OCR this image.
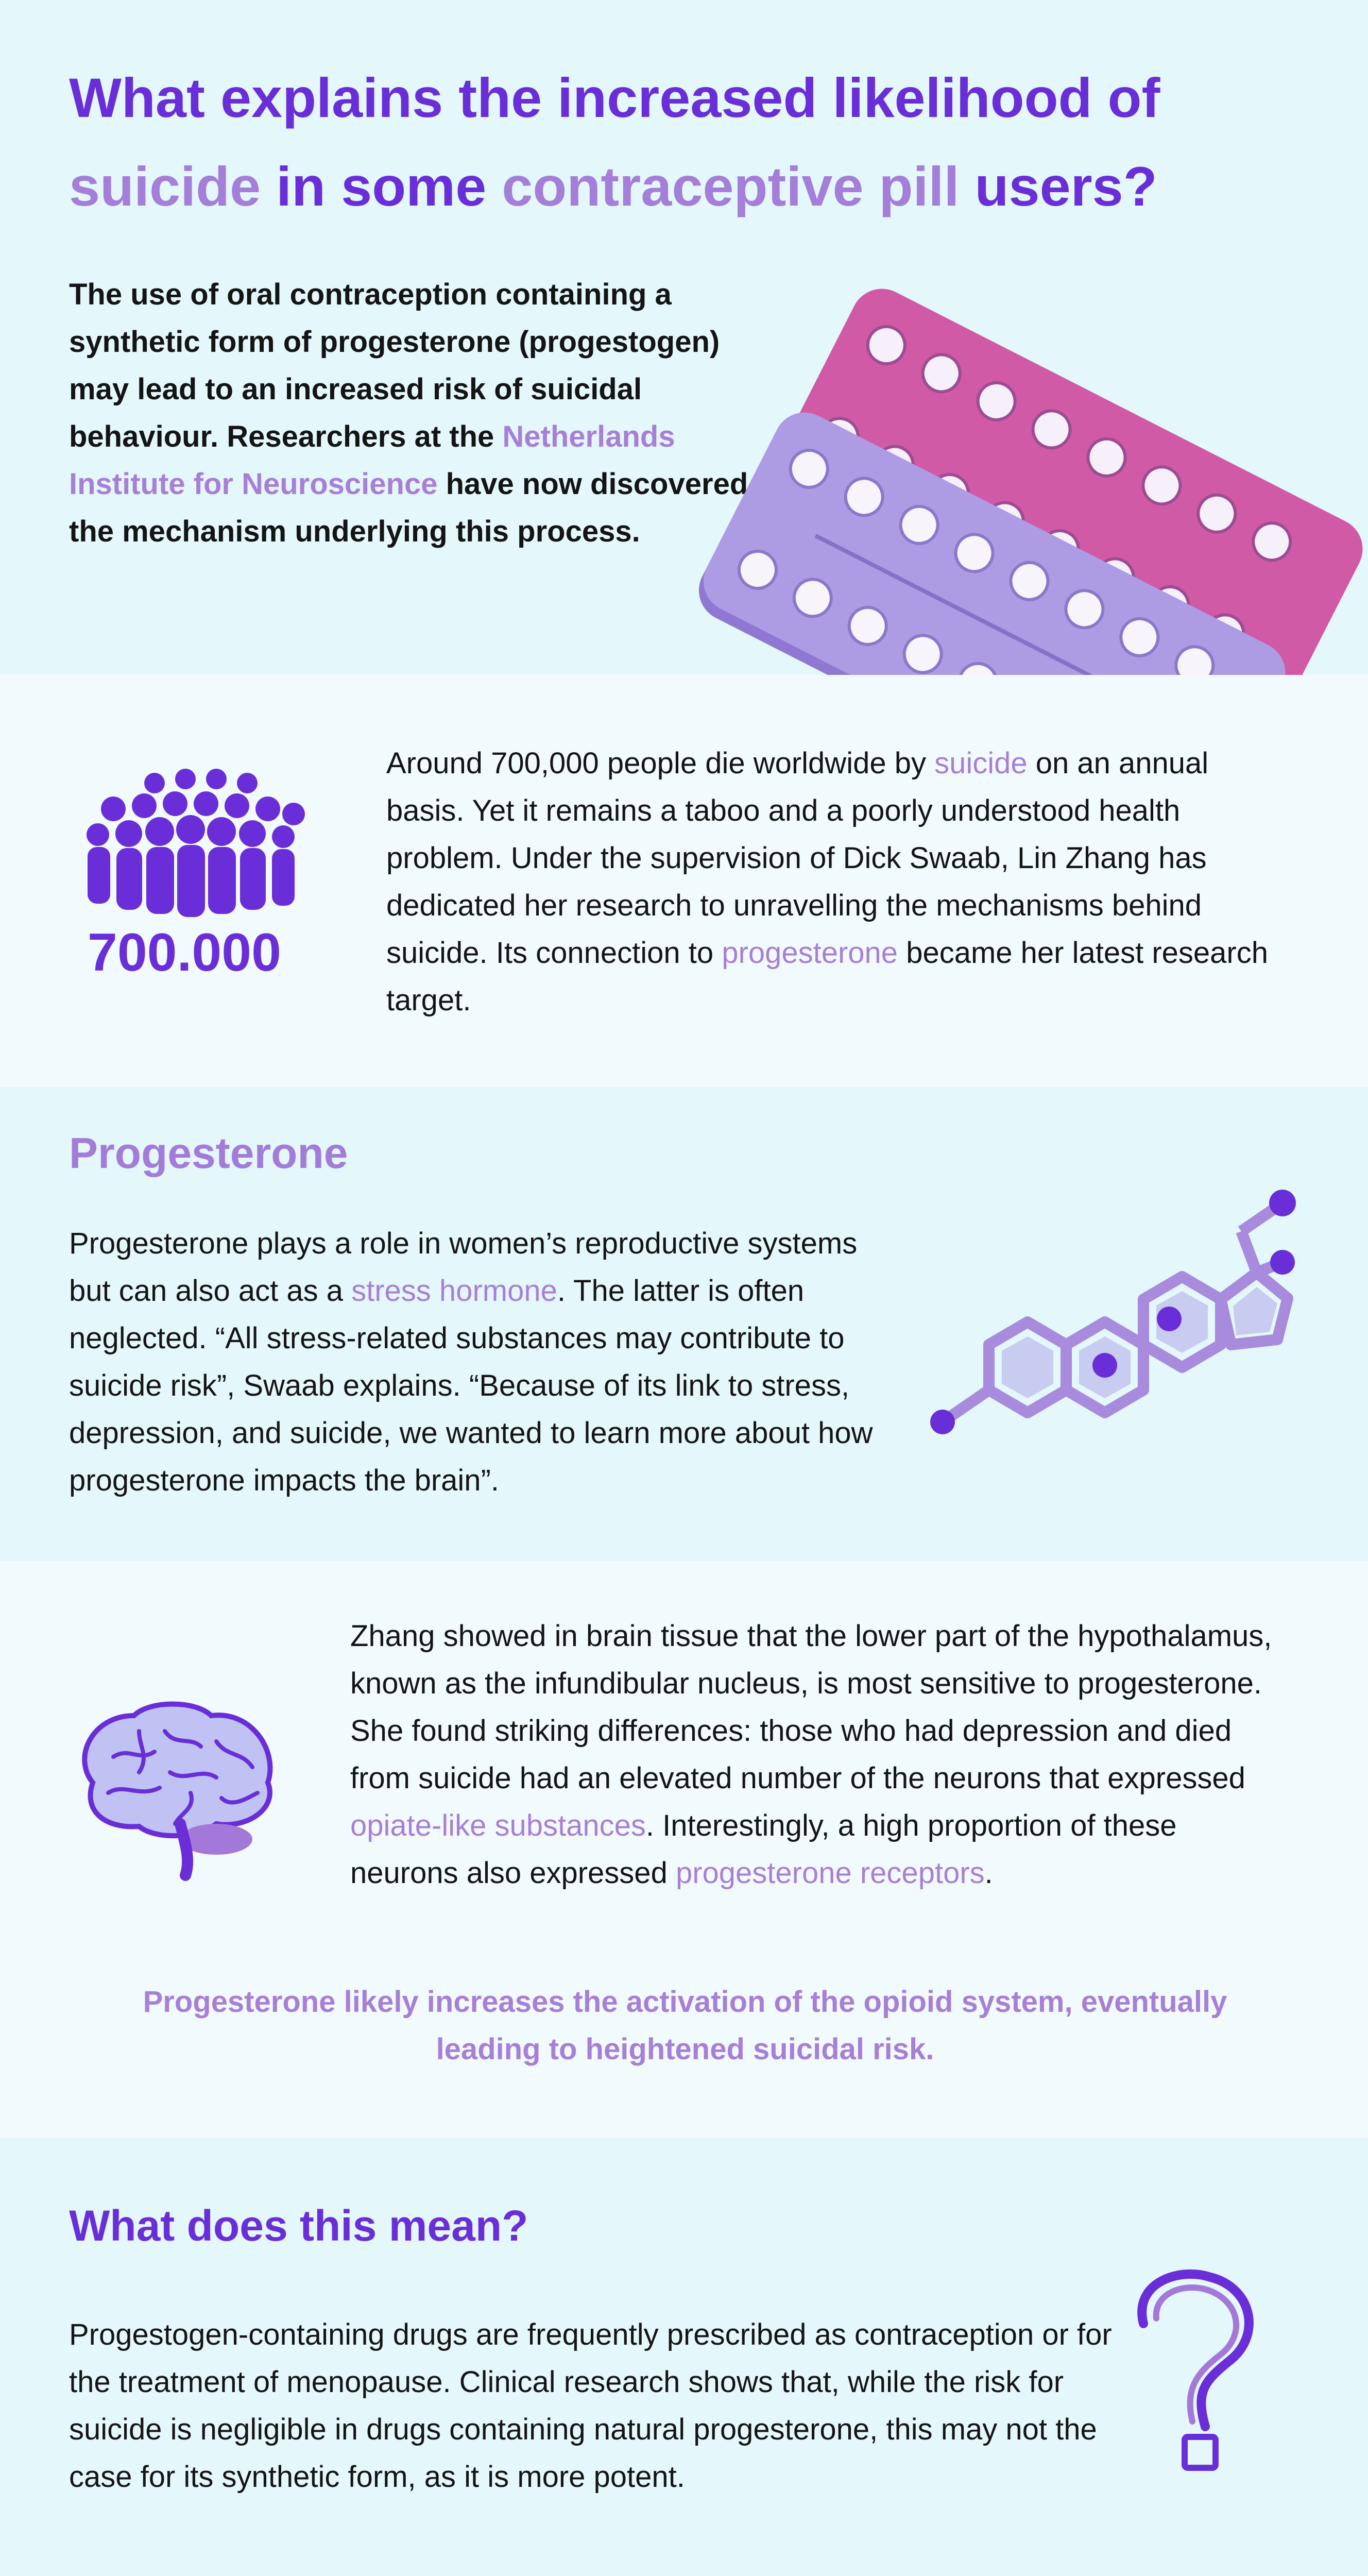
What explains the increased likelihood of
suicide in some contraceptive pill users?

The use of oral contraception containing a synthetic form of progesterone (progestogen) may lead to an increased risk of suicidal behaviour. Researchers at the Netherlands Institute for Neuroscience have now discovered the mechanism underlying this process.

700.000

Around 700,000 people die worldwide by suicide on an annual basis. Yet it remains a taboo and a poorly understood health problem. Under the supervision of Dick Swaab, Lin Zhang has dedicated her research to unravelling the mechanisms behind suicide. Its connection to progesterone became her latest research target.

Progesterone

Progesterone plays a role in women’s reproductive systems but can also act as a stress hormone. The latter is often neglected. “All stress-related substances may contribute to suicide risk”, Swaab explains. “Because of its link to stress, depression, and suicide, we wanted to learn more about how progesterone impacts the brain”.

Zhang showed in brain tissue that the lower part of the hypothalamus, known as the infundibular nucleus, is most sensitive to progesterone. She found striking differences: those who had depression and died from suicide had an elevated number of the neurons that expressed opiate-like substances. Interestingly, a high proportion of these neurons also expressed progesterone receptors.

Progesterone likely increases the activation of the opioid system, eventually leading to heightened suicidal risk.
What does this mean?

Progestogen-containing drugs are frequently prescribed as contraception or for the treatment of menopause. Clinical research shows that, while the risk for suicide is negligible in drugs containing natural progesterone, this may not the case for its synthetic form, as it is more potent.
